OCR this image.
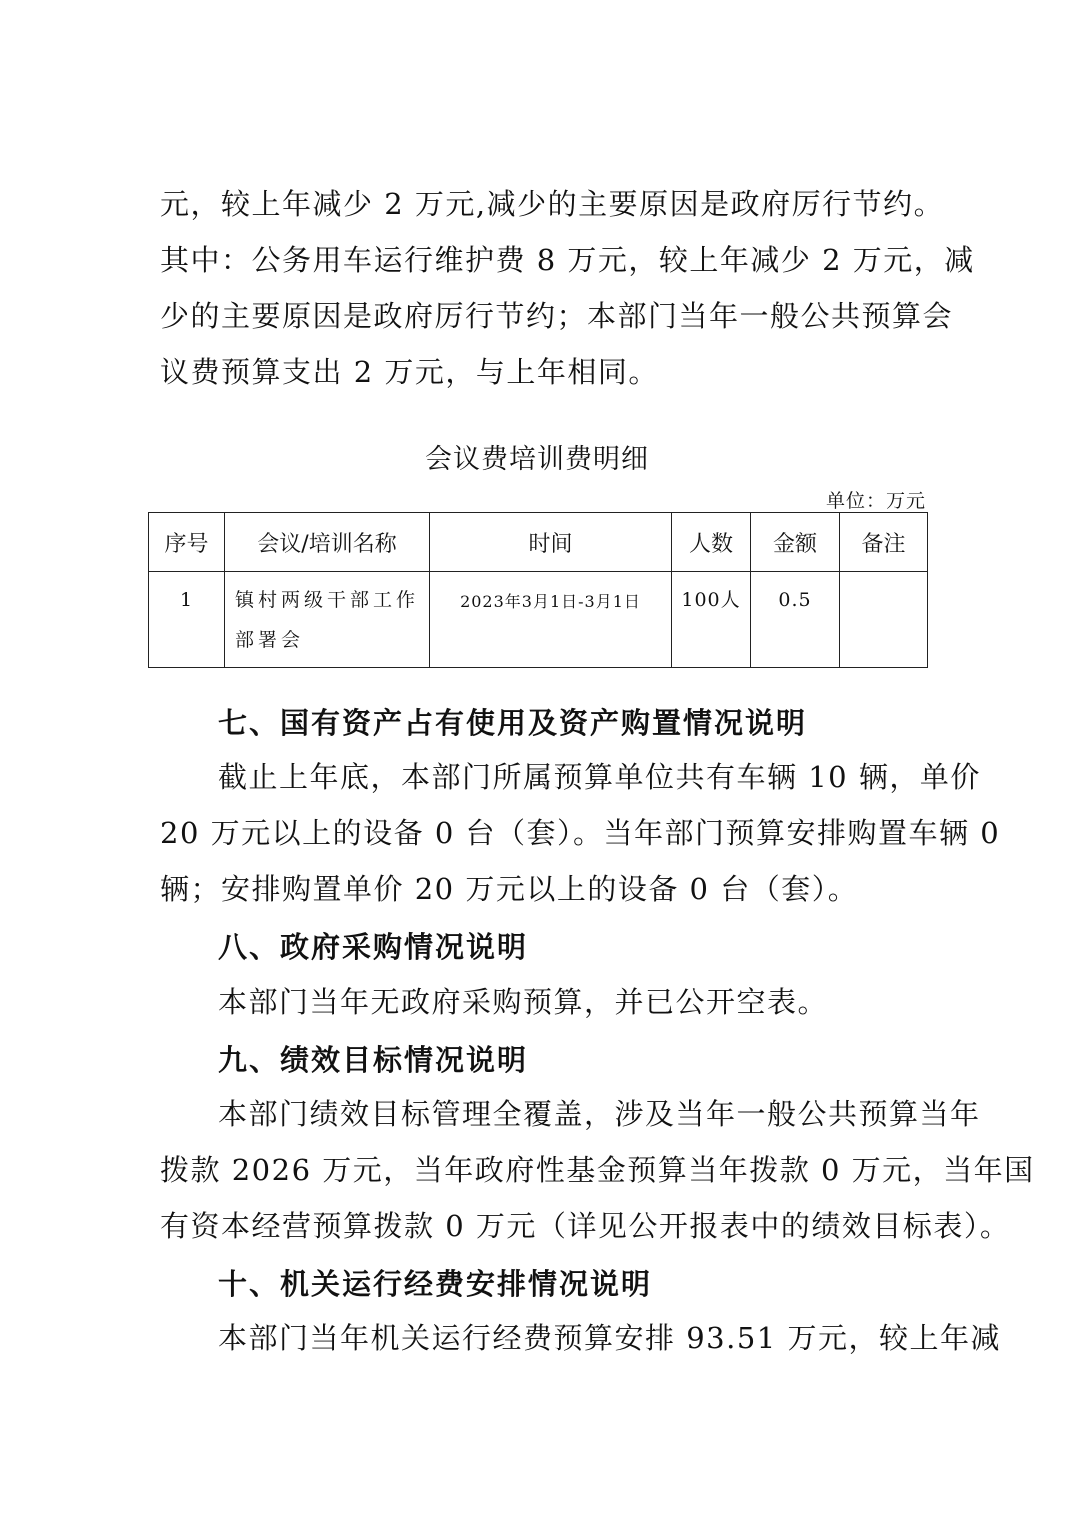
元，较上年减少 2 万元,减少的主要原因是政府厉行节约。
其中：公务用车运行维护费 8 万元，较上年减少 2 万元，减
少的主要原因是政府厉行节约；本部门当年一般公共预算会
议费预算支出 2 万元，与上年相同。
会议费培训费明细
单位：万元
序号	会议/培训名称	时间	人数	金额	备注
1	镇村两级干部工作部署会	2023年3月1日-3月1日	100人	0.5	
七、国有资产占有使用及资产购置情况说明
截止上年底，本部门所属预算单位共有车辆 10 辆，单价
20 万元以上的设备 0 台（套）。当年部门预算安排购置车辆 0
辆；安排购置单价 20 万元以上的设备 0 台（套）。
八、政府采购情况说明
本部门当年无政府采购预算，并已公开空表。
九、绩效目标情况说明
本部门绩效目标管理全覆盖，涉及当年一般公共预算当年
拨款 2026 万元，当年政府性基金预算当年拨款 0 万元，当年国
有资本经营预算拨款 0 万元（详见公开报表中的绩效目标表）。
十、机关运行经费安排情况说明
本部门当年机关运行经费预算安排 93.51 万元，较上年减
